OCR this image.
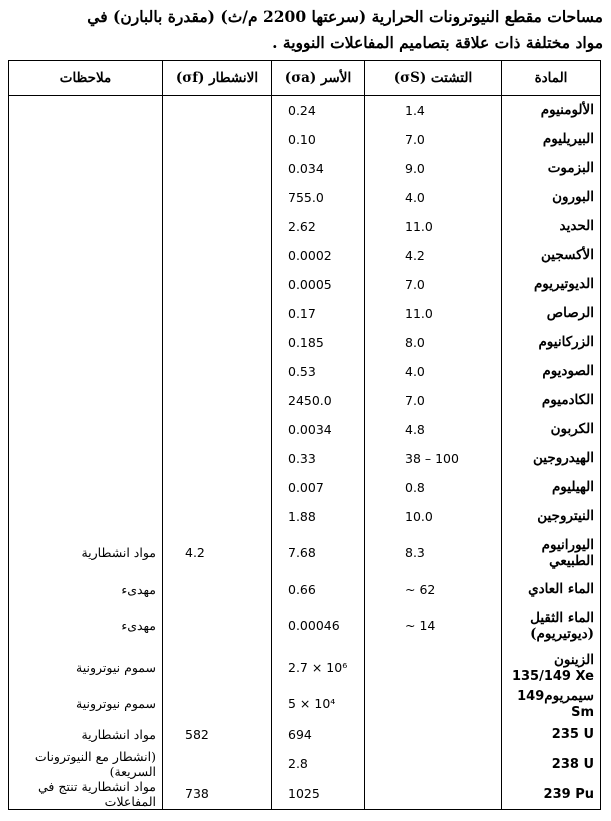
مساحات مقطع النيوترونات الحرارية (سرعتها 2200 م/ث) (مقدرة بالبارن) في
مواد مختلفة ذات علاقة بتصاميم المفاعلات النووية .
المادة	التشتت (σS)	الأسر (σa)	الانشطار (σf)	ملاحظات
الألومنيوم	1.4	0.24		
البيريليوم	7.0	0.10		
البزموت	9.0	0.034		
البورون	4.0	755.0		
الحديد	11.0	2.62		
الأكسجين	4.2	0.0002		
الديوتيريوم	7.0	0.0005		
الرصاص	11.0	0.17		
الزركانيوم	8.0	0.185		
الصوديوم	4.0	0.53		
الكادميوم	7.0	2450.0		
الكربون	4.8	0.0034		
الهيدروجين	38 – 100	0.33		
الهيليوم	0.8	0.007		
النيتروجين	10.0	1.88		
اليورانيوم الطبيعي	8.3	7.68	4.2	مواد انشطارية
الماء العادي	~ 62	0.66		مهدىء
الماء الثقيل (ديوتيريوم)	~ 14	0.00046		مهدىء
الزينون 135/149 Xe		2.7 × 10⁶		سموم نيوترونية
سيمريوم 149 Sm		5 × 10⁴		سموم نيوترونية
235 U		694	582	مواد انشطارية
238 U		2.8		(انشطار مع النيوترونات السريعة)
239 Pu		1025	738	مواد انشطارية تنتج في المفاعلات
